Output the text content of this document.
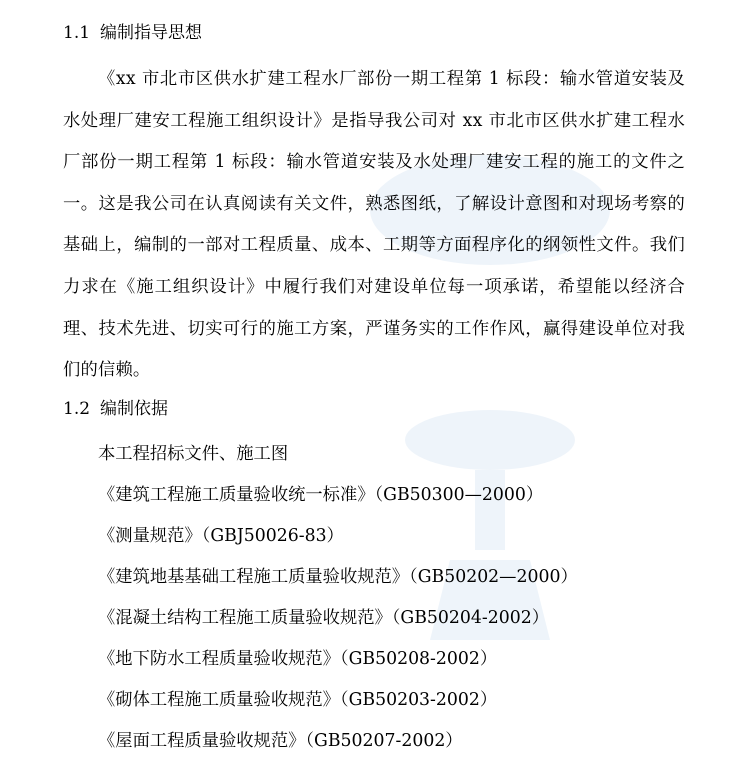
1.1 编制指导思想

《xx 市北市区供水扩建工程水厂部份一期工程第 1 标段：输水管道安装及水处理厂建安工程施工组织设计》是指导我公司对 xx 市北市区供水扩建工程水厂部份一期工程第 1 标段：输水管道安装及水处理厂建安工程的施工的文件之一。这是我公司在认真阅读有关文件，熟悉图纸，了解设计意图和对现场考察的基础上，编制的一部对工程质量、成本、工期等方面程序化的纲领性文件。我们力求在《施工组织设计》中履行我们对建设单位每一项承诺，希望能以经济合理、技术先进、切实可行的施工方案，严谨务实的工作作风，赢得建设单位对我们的信赖。

1.2 编制依据
本工程招标文件、施工图
《建筑工程施工质量验收统一标准》（GB50300—2000）
《测量规范》（GBJ50026-83）
《建筑地基基础工程施工质量验收规范》（GB50202—2000）
《混凝土结构工程施工质量验收规范》（GB50204-2002）
《地下防水工程质量验收规范》（GB50208-2002）
《砌体工程施工质量验收规范》（GB50203-2002）
《屋面工程质量验收规范》（GB50207-2002）
